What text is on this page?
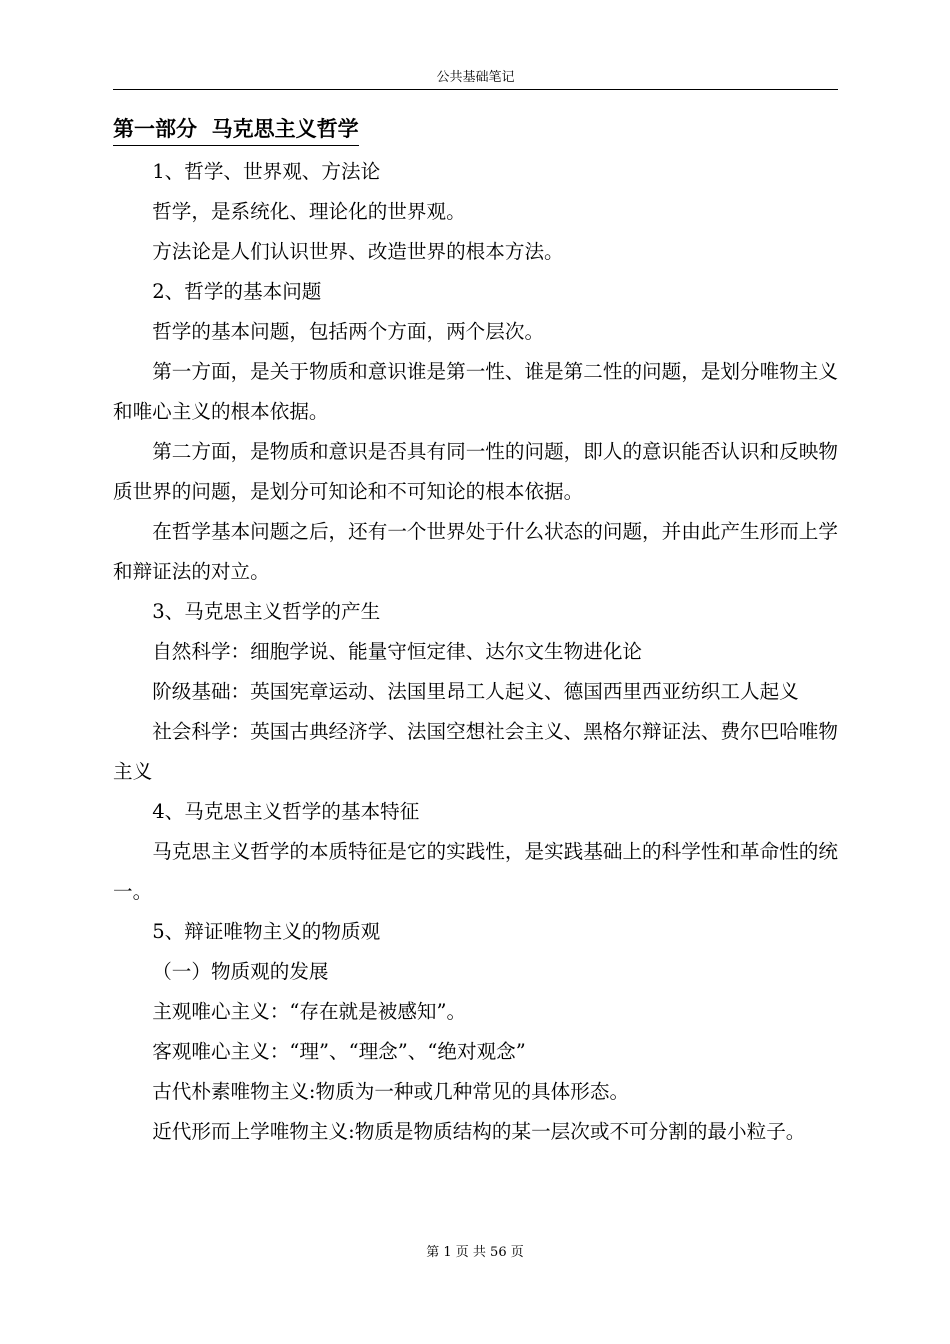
公共基础笔记
第一部分  马克思主义哲学

1、哲学、世界观、方法论

哲学，是系统化、理论化的世界观。

方法论是人们认识世界、改造世界的根本方法。

2、哲学的基本问题

哲学的基本问题，包括两个方面，两个层次。

第一方面，是关于物质和意识谁是第一性、谁是第二性的问题，是划分唯物主义和唯心主义的根本依据。

第二方面，是物质和意识是否具有同一性的问题，即人的意识能否认识和反映物质世界的问题，是划分可知论和不可知论的根本依据。

在哲学基本问题之后，还有一个世界处于什么状态的问题，并由此产生形而上学和辩证法的对立。

3、马克思主义哲学的产生

自然科学：细胞学说、能量守恒定律、达尔文生物进化论

阶级基础：英国宪章运动、法国里昂工人起义、德国西里西亚纺织工人起义

社会科学：英国古典经济学、法国空想社会主义、黑格尔辩证法、费尔巴哈唯物主义

4、马克思主义哲学的基本特征

马克思主义哲学的本质特征是它的实践性，是实践基础上的科学性和革命性的统一。

5、辩证唯物主义的物质观

（一）物质观的发展

主观唯心主义：“存在就是被感知”。

客观唯心主义：“理”、“理念”、“绝对观念”

古代朴素唯物主义:物质为一种或几种常见的具体形态。

近代形而上学唯物主义:物质是物质结构的某一层次或不可分割的最小粒子。

第 1 页 共 56 页
